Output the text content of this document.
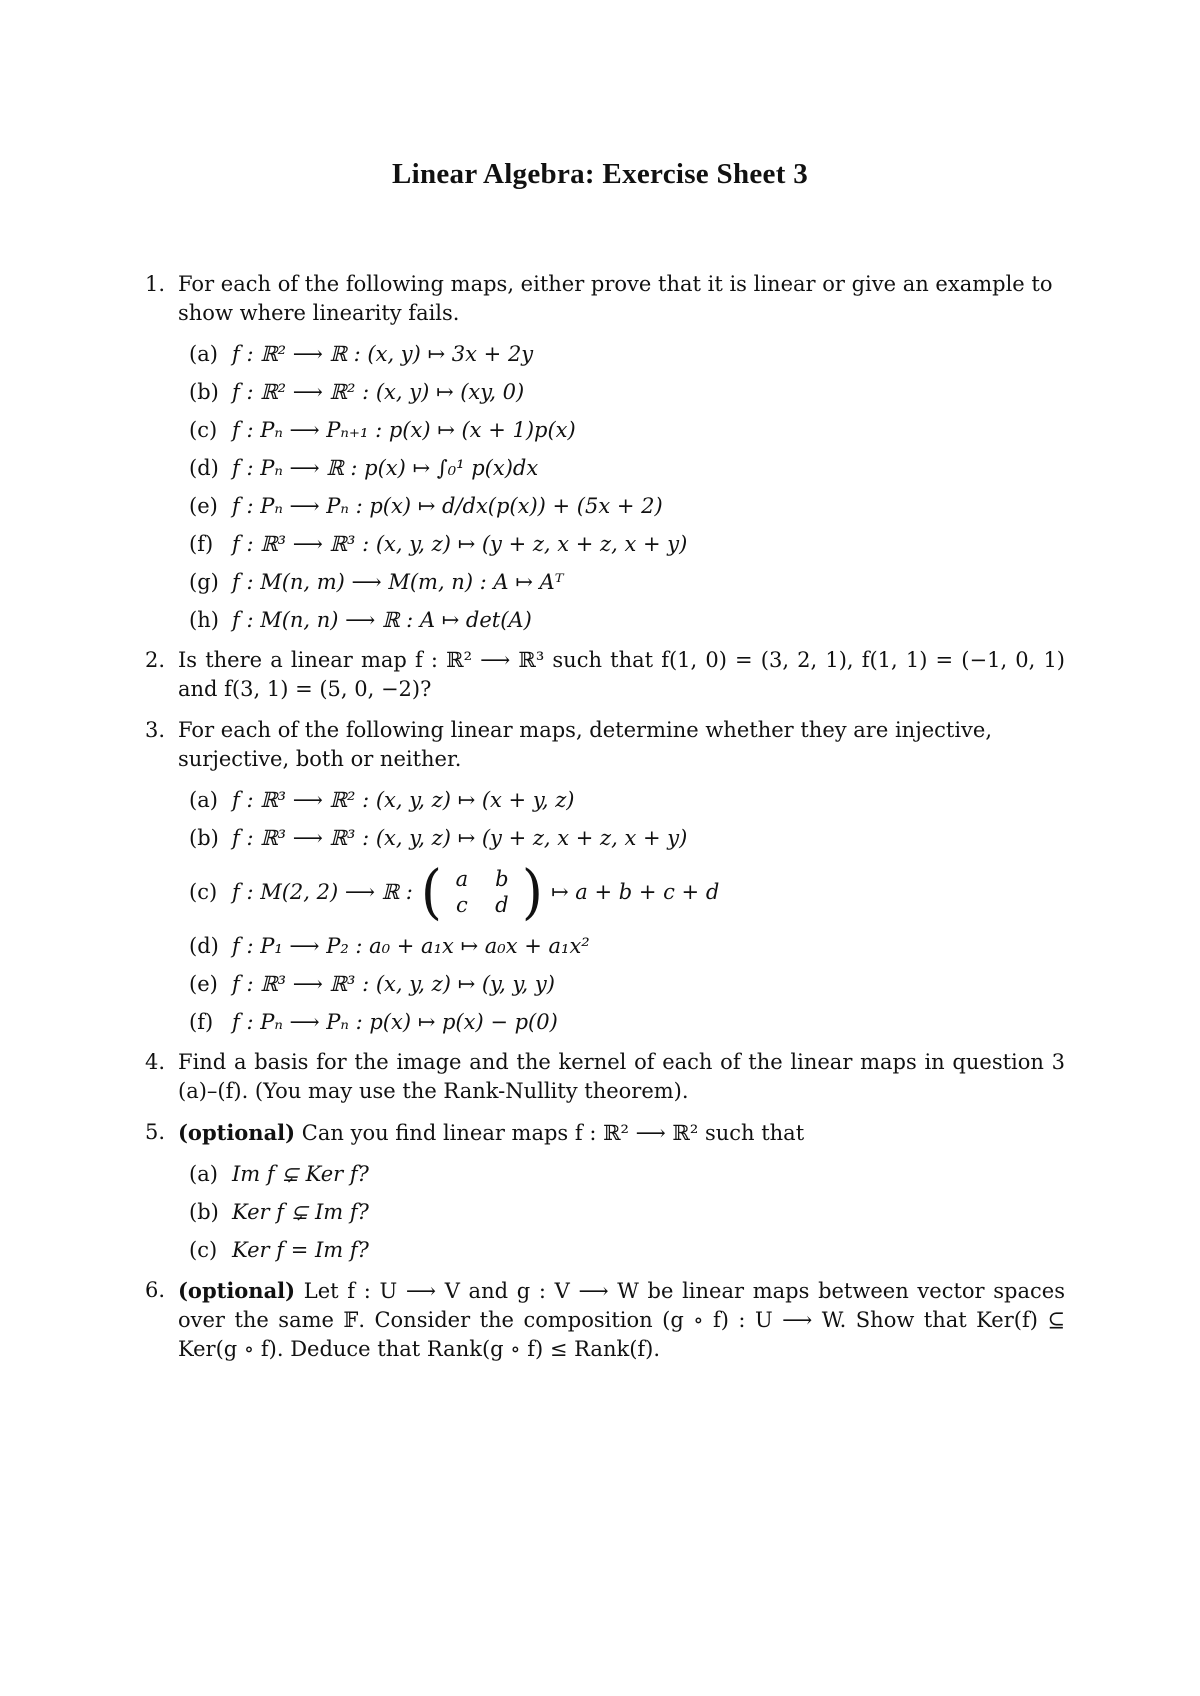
Linear Algebra: Exercise Sheet 3
1. For each of the following maps, either prove that it is linear or give an example to show where linearity fails.
(a) f : ℝ² ⟶ ℝ : (x, y) ↦ 3x + 2y
(b) f : ℝ² ⟶ ℝ² : (x, y) ↦ (xy, 0)
(c) f : Pₙ ⟶ Pₙ₊₁ : p(x) ↦ (x + 1)p(x)
(d) f : Pₙ ⟶ ℝ : p(x) ↦ ∫₀¹ p(x)dx
(e) f : Pₙ ⟶ Pₙ : p(x) ↦ d/dx(p(x)) + (5x + 2)
(f) f : ℝ³ ⟶ ℝ³ : (x, y, z) ↦ (y + z, x + z, x + y)
(g) f : M(n, m) ⟶ M(m, n) : A ↦ Aᵀ
(h) f : M(n, n) ⟶ ℝ : A ↦ det(A)
2. Is there a linear map f : ℝ² ⟶ ℝ³ such that f(1, 0) = (3, 2, 1), f(1, 1) = (−1, 0, 1) and f(3, 1) = (5, 0, −2)?
3. For each of the following linear maps, determine whether they are injective, surjective, both or neither.
(a) f : ℝ³ ⟶ ℝ² : (x, y, z) ↦ (x + y, z)
(b) f : ℝ³ ⟶ ℝ³ : (x, y, z) ↦ (y + z, x + z, x + y)
(c) f : M(2, 2) ⟶ ℝ : ( a	b
c	d ) ↦ a + b + c + d
(d) f : P₁ ⟶ P₂ : a₀ + a₁x ↦ a₀x + a₁x²
(e) f : ℝ³ ⟶ ℝ³ : (x, y, z) ↦ (y, y, y)
(f) f : Pₙ ⟶ Pₙ : p(x) ↦ p(x) − p(0)
4. Find a basis for the image and the kernel of each of the linear maps in question 3 (a)–(f). (You may use the Rank-Nullity theorem).
5. (optional) Can you find linear maps f : ℝ² ⟶ ℝ² such that
(a) Im f ⊊ Ker f?
(b) Ker f ⊊ Im f?
(c) Ker f = Im f?
6. (optional) Let f : U ⟶ V and g : V ⟶ W be linear maps between vector spaces over the same 𝔽. Consider the composition (g ∘ f) : U ⟶ W. Show that Ker(f) ⊆ Ker(g ∘ f). Deduce that Rank(g ∘ f) ≤ Rank(f).
